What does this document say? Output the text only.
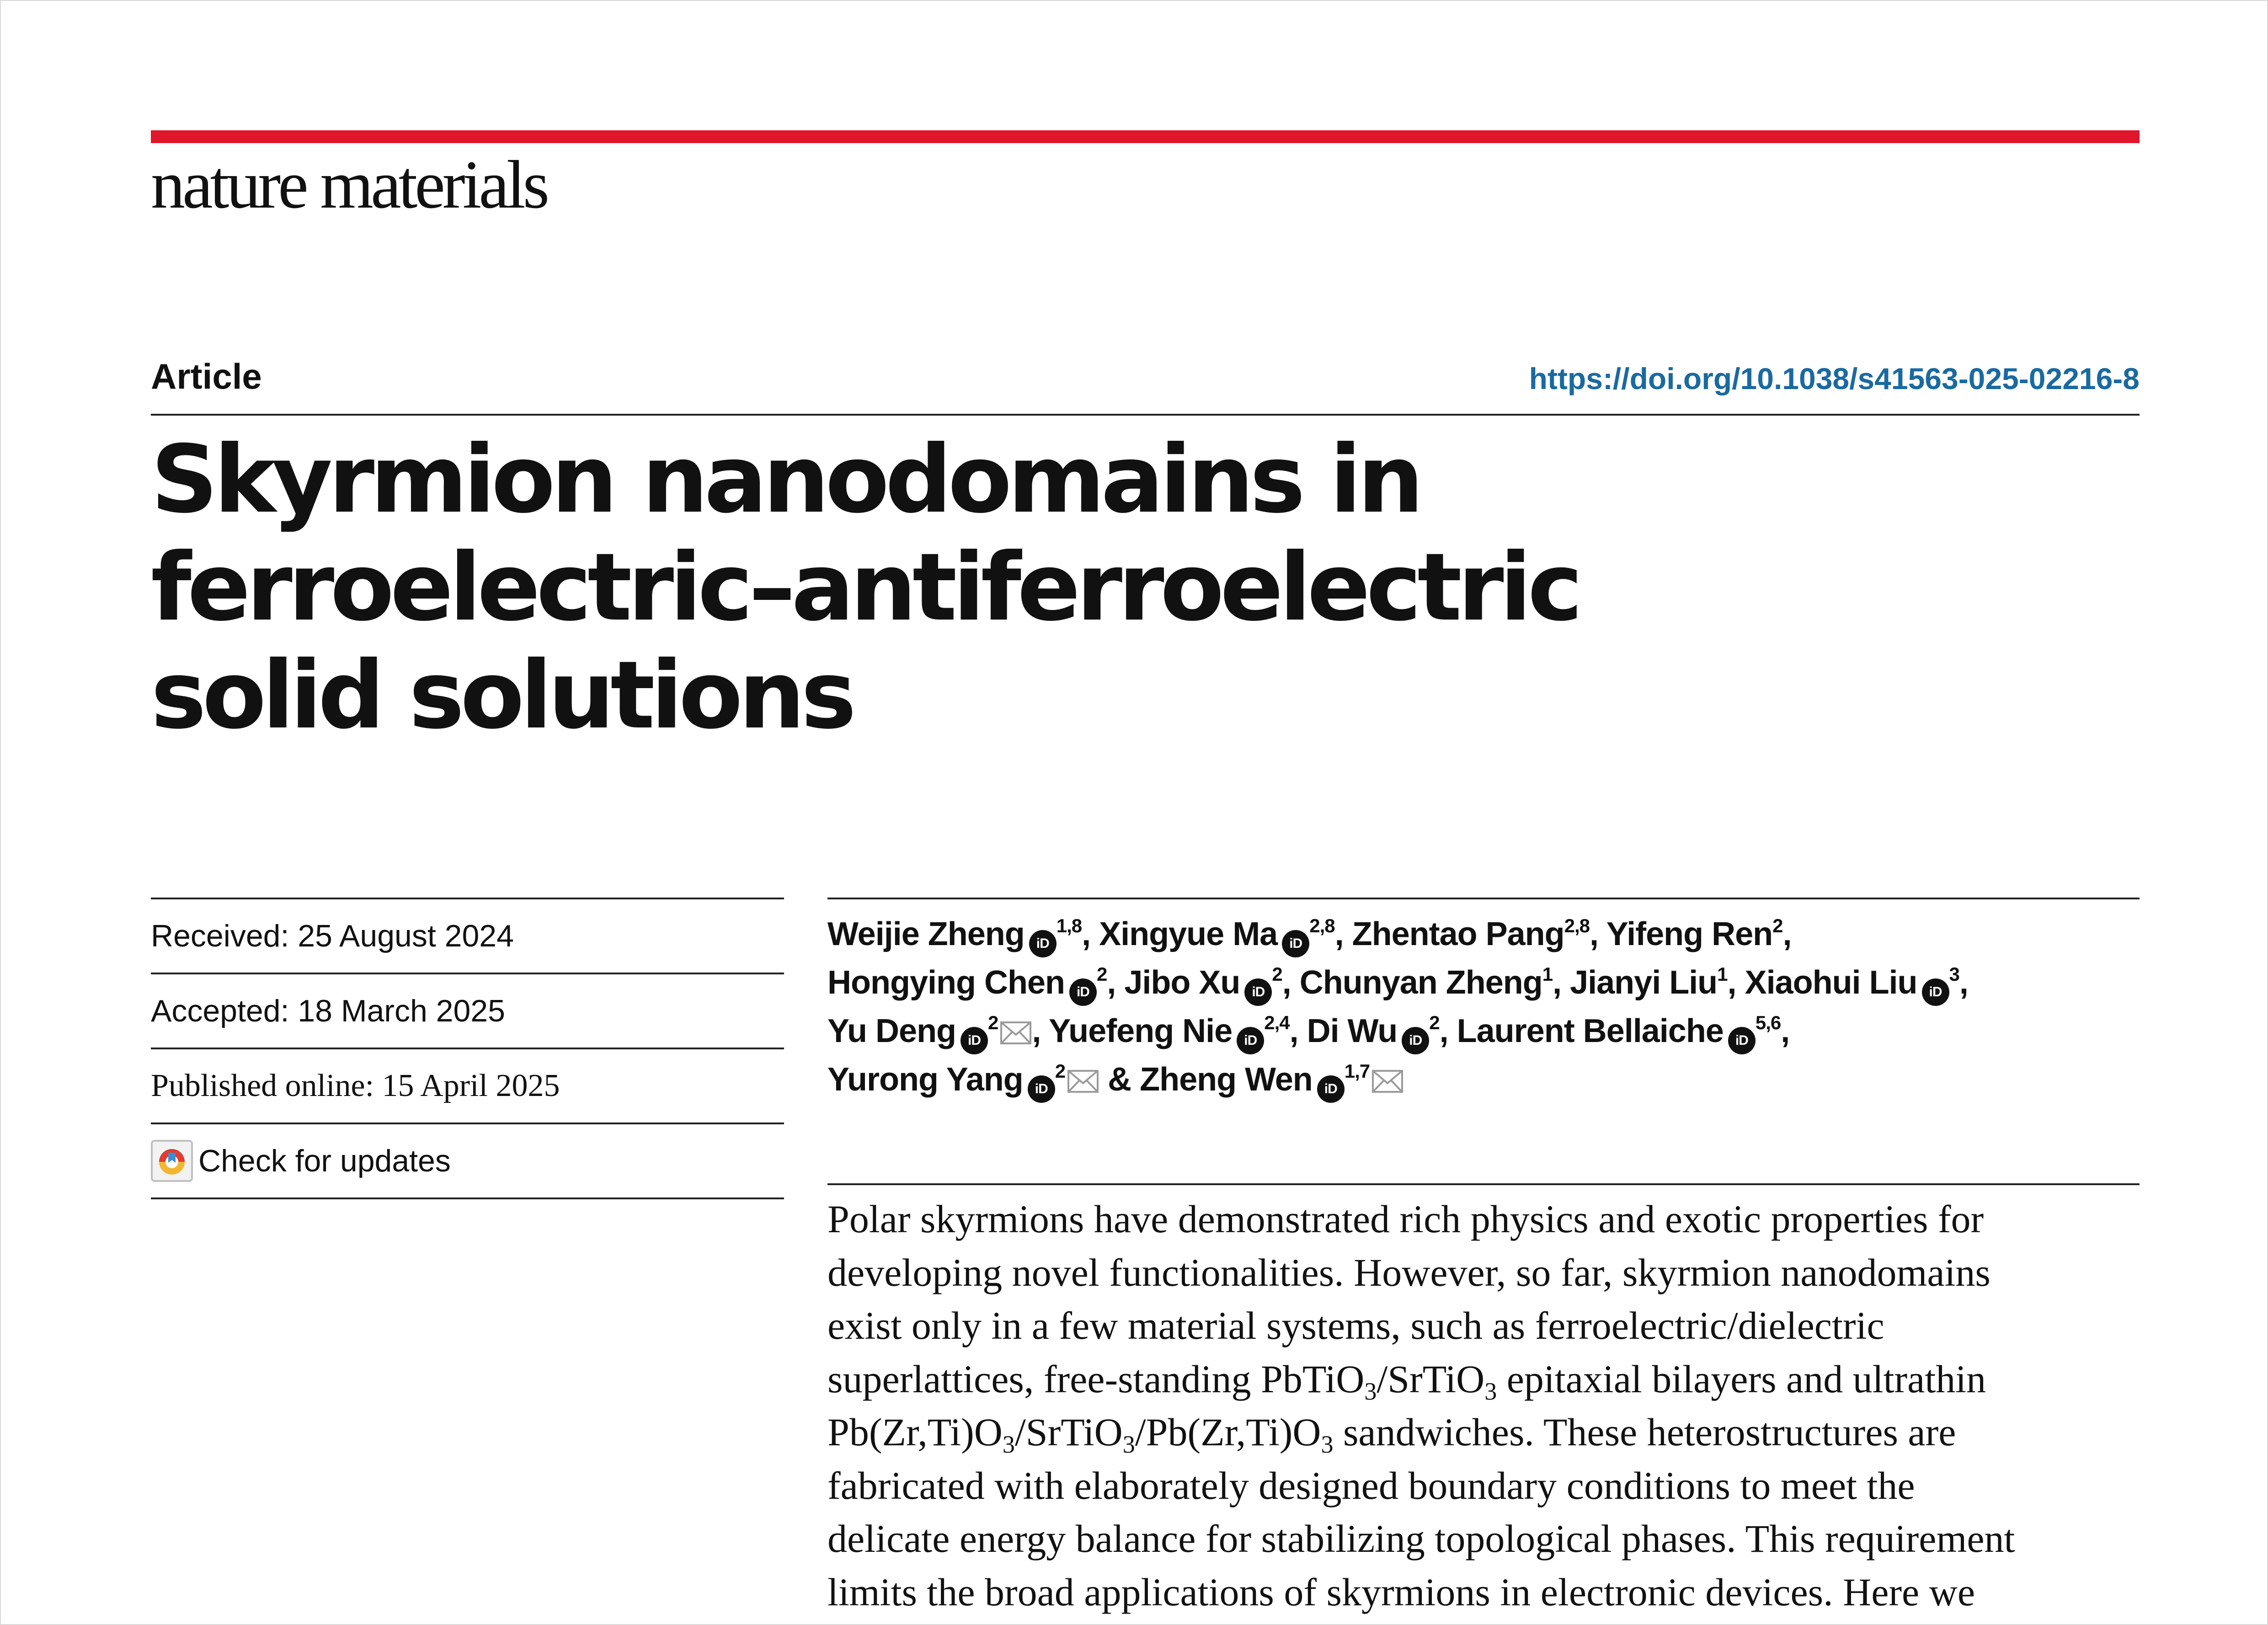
nature materials
Article	https://doi.org/10.1038/s41563-025-02216-8
Skyrmion nanodomains in
ferroelectric–antiferroelectric
solid solutions
Received: 25 August 2024
Accepted: 18 March 2025
Published online: 15 April 2025
Check for updates
Weijie Zheng iD$^{1,8}$, Xingyue Ma iD$^{2,8}$, Zhentao Pang$^{2,8}$, Yifeng Ren$^2$,
Hongying Chen $iD^2$, Jibo Xu $iD^2$, Chunyan Zheng$^1$, Jianyi Liu$^1$, Xiaohui Liu $iD^3$,
Yu Deng $iD^2$ , Yuefeng Nie iD$^{2,4}$, Di Wu $iD^2$, Laurent Bellaiche iD$^{5,6}$,
Yurong Yang $iD^2$ & Zheng Wen iD$^{1,7}$

Polar skyrmions have demonstrated rich physics and exotic properties for
developing novel functionalities. However, so far, skyrmion nanodomains
exist only in a few material systems, such as ferroelectric/dielectric
superlattices, free-standing PbTiO$_3$/SrTiO$_3$ epitaxial bilayers and ultrathin
$Pb(Zr,Ti)O_3/SrTiO_3/Pb(Zr,Ti)O_3$ sandwiches. These heterostructures are
fabricated with elaborately designed boundary conditions to meet the
delicate energy balance for stabilizing topological phases. This requirement
limits the broad applications of skyrmions in electronic devices. Here we
